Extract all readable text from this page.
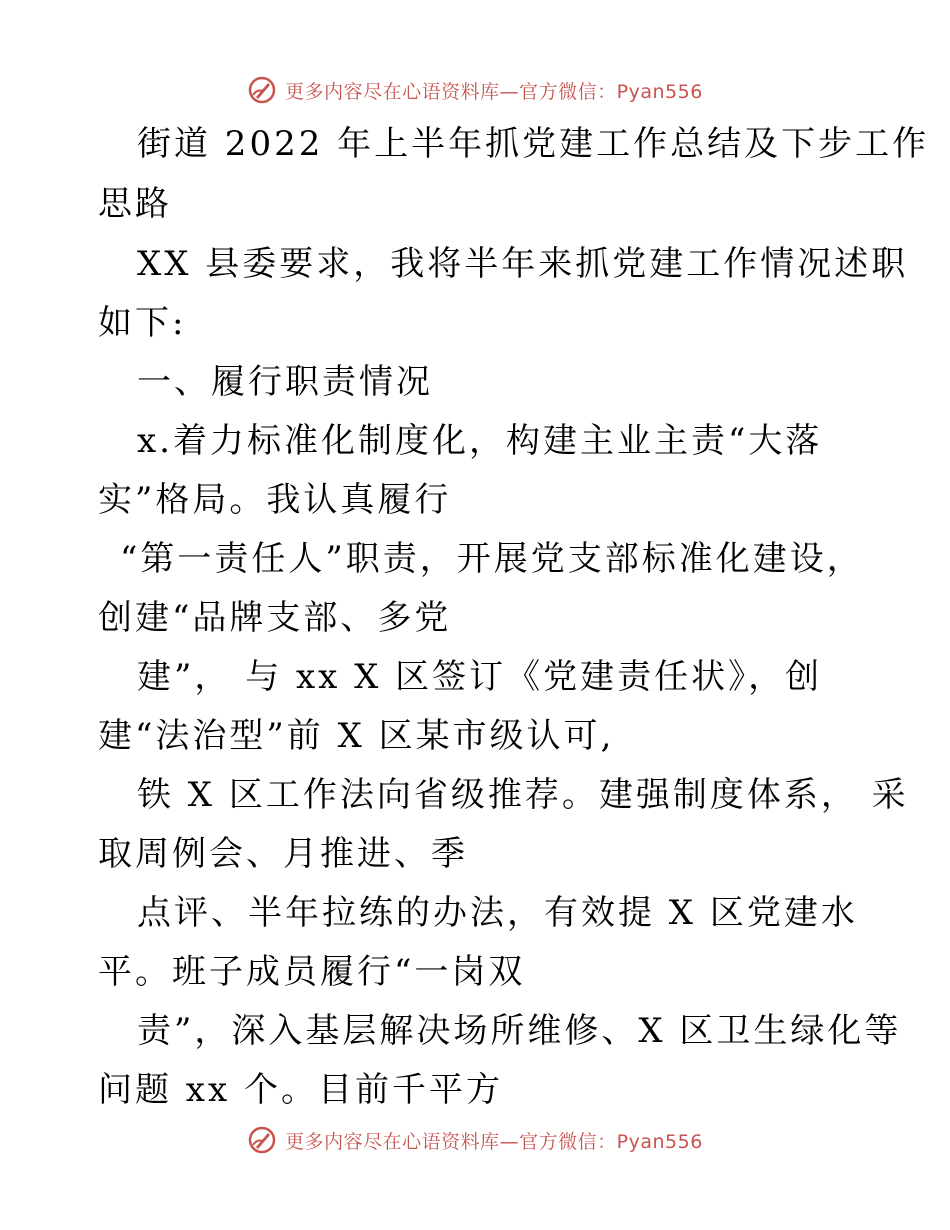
更多内容尽在心语资料库—官方微信：Pyan556
街道 2022 年上半年抓党建工作总结及下步工作
思路
XX 县委要求，我将半年来抓党建工作情况述职
如下:
一、履行职责情况
x.着力标准化制度化，构建主业主责“大落
实”格局。我认真履行
“第一责任人”职责，开展党支部标准化建设，
创建“品牌支部、多党
建”， 与 xx X 区签订《党建责任状》，创
建“法治型”前 X 区某市级认可,
铁 X 区工作法向省级推荐。建强制度体系， 采
取周例会、月推进、季
点评、半年拉练的办法，有效提 X 区党建水
平。班子成员履行“一岗双
责”，深入基层解决场所维修、X 区卫生绿化等
问题 xx 个。目前千平方
更多内容尽在心语资料库—官方微信：Pyan556
